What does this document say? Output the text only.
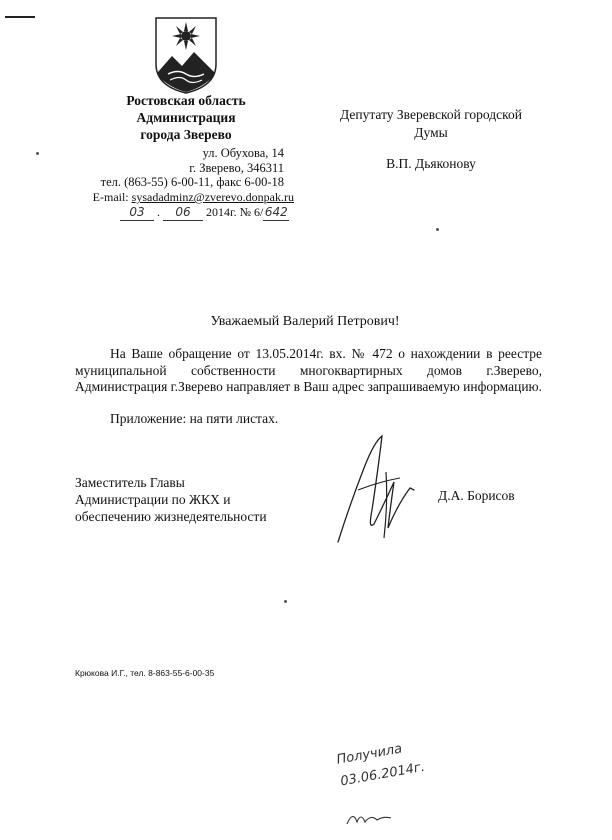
Ростовская область
Администрация
города Зверево
ул. Обухова, 14
г. Зверево, 346311
тел. (863-55) 6-00-11, факс 6-00-18
E-mail: sysadadminz@zverevo.donpak.ru
03 . 06 2014г. № 6/ 642
Депутату Зверевской городской
Думы
В.П. Дьяконову
Уважаемый Валерий Петрович!

На Ваше обращение от 13.05.2014г. вх. № 472 о нахождении в реестре муниципальной собственности многоквартирных домов г.Зверево, Администрация г.Зверево направляет в Ваш адрес запрашиваемую информацию.

Приложение: на пяти листах.
Заместитель Главы
Администрации по ЖКХ и
обеспечению жизнедеятельности
Д.А. Борисов
Крюкова И.Г., тел. 8-863-55-6-00-35
Получила
03.06.2014г.
